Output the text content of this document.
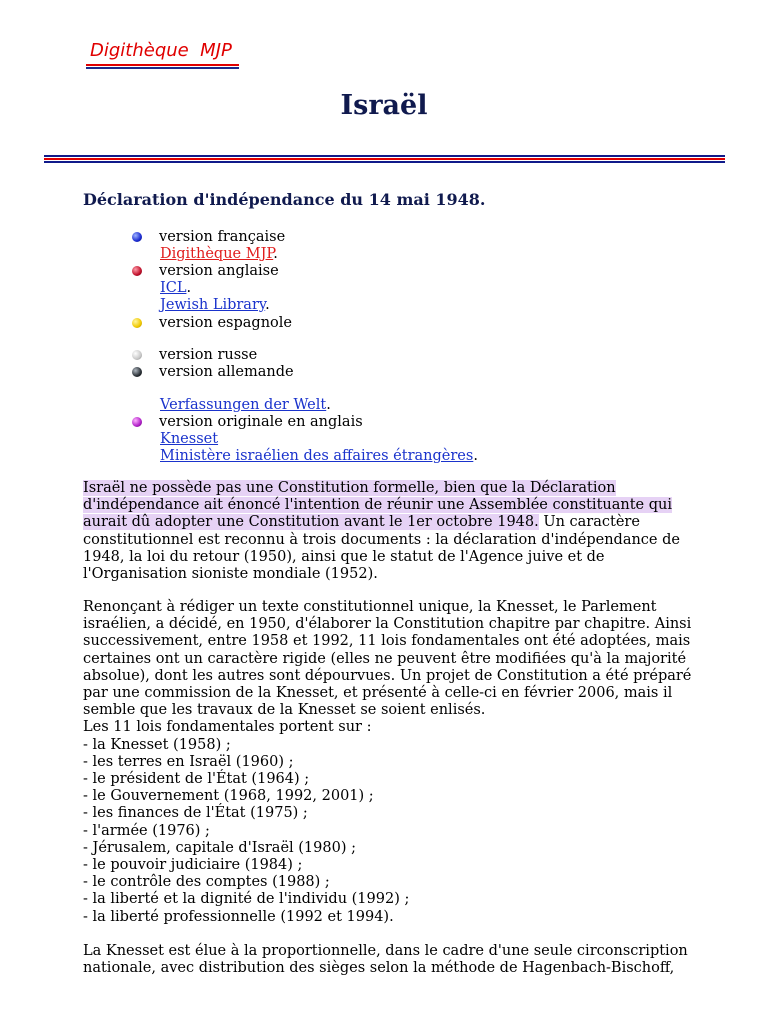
Digithèque  MJP
Israël
Déclaration d'indépendance du 14 mai 1948.
version française
Digithèque MJP.
version anglaise
ICL.
Jewish Library.
version espagnole
version russe
version allemande
Verfassungen der Welt.
version originale en anglais
Knesset
Ministère israélien des affaires étrangères.
Israël ne possède pas une Constitution formelle, bien que la Déclaration
d'indépendance ait énoncé l'intention de réunir une Assemblée constituante qui
aurait dû adopter une Constitution avant le 1er octobre 1948. Un caractère
constitutionnel est reconnu à trois documents : la déclaration d'indépendance de
1948, la loi du retour (1950), ainsi que le statut de l'Agence juive et de
l'Organisation sioniste mondiale (1952).
Renonçant à rédiger un texte constitutionnel unique, la Knesset, le Parlement
israélien, a décidé, en 1950, d'élaborer la Constitution chapitre par chapitre. Ainsi
successivement, entre 1958 et 1992, 11 lois fondamentales ont été adoptées, mais
certaines ont un caractère rigide (elles ne peuvent être modifiées qu'à la majorité
absolue), dont les autres sont dépourvues. Un projet de Constitution a été préparé
par une commission de la Knesset, et présenté à celle-ci en février 2006, mais il
semble que les travaux de la Knesset se soient enlisés.
Les 11 lois fondamentales portent sur :
- la Knesset (1958) ;
- les terres en Israël (1960) ;
- le président de l'État (1964) ;
- le Gouvernement (1968, 1992, 2001) ;
- les finances de l'État (1975) ;
- l'armée (1976) ;
- Jérusalem, capitale d'Israël (1980) ;
- le pouvoir judiciaire (1984) ;
- le contrôle des comptes (1988) ;
- la liberté et la dignité de l'individu (1992) ;
- la liberté professionnelle (1992 et 1994).
La Knesset est élue à la proportionnelle, dans le cadre d'une seule circonscription
nationale, avec distribution des sièges selon la méthode de Hagenbach-Bischoff,
